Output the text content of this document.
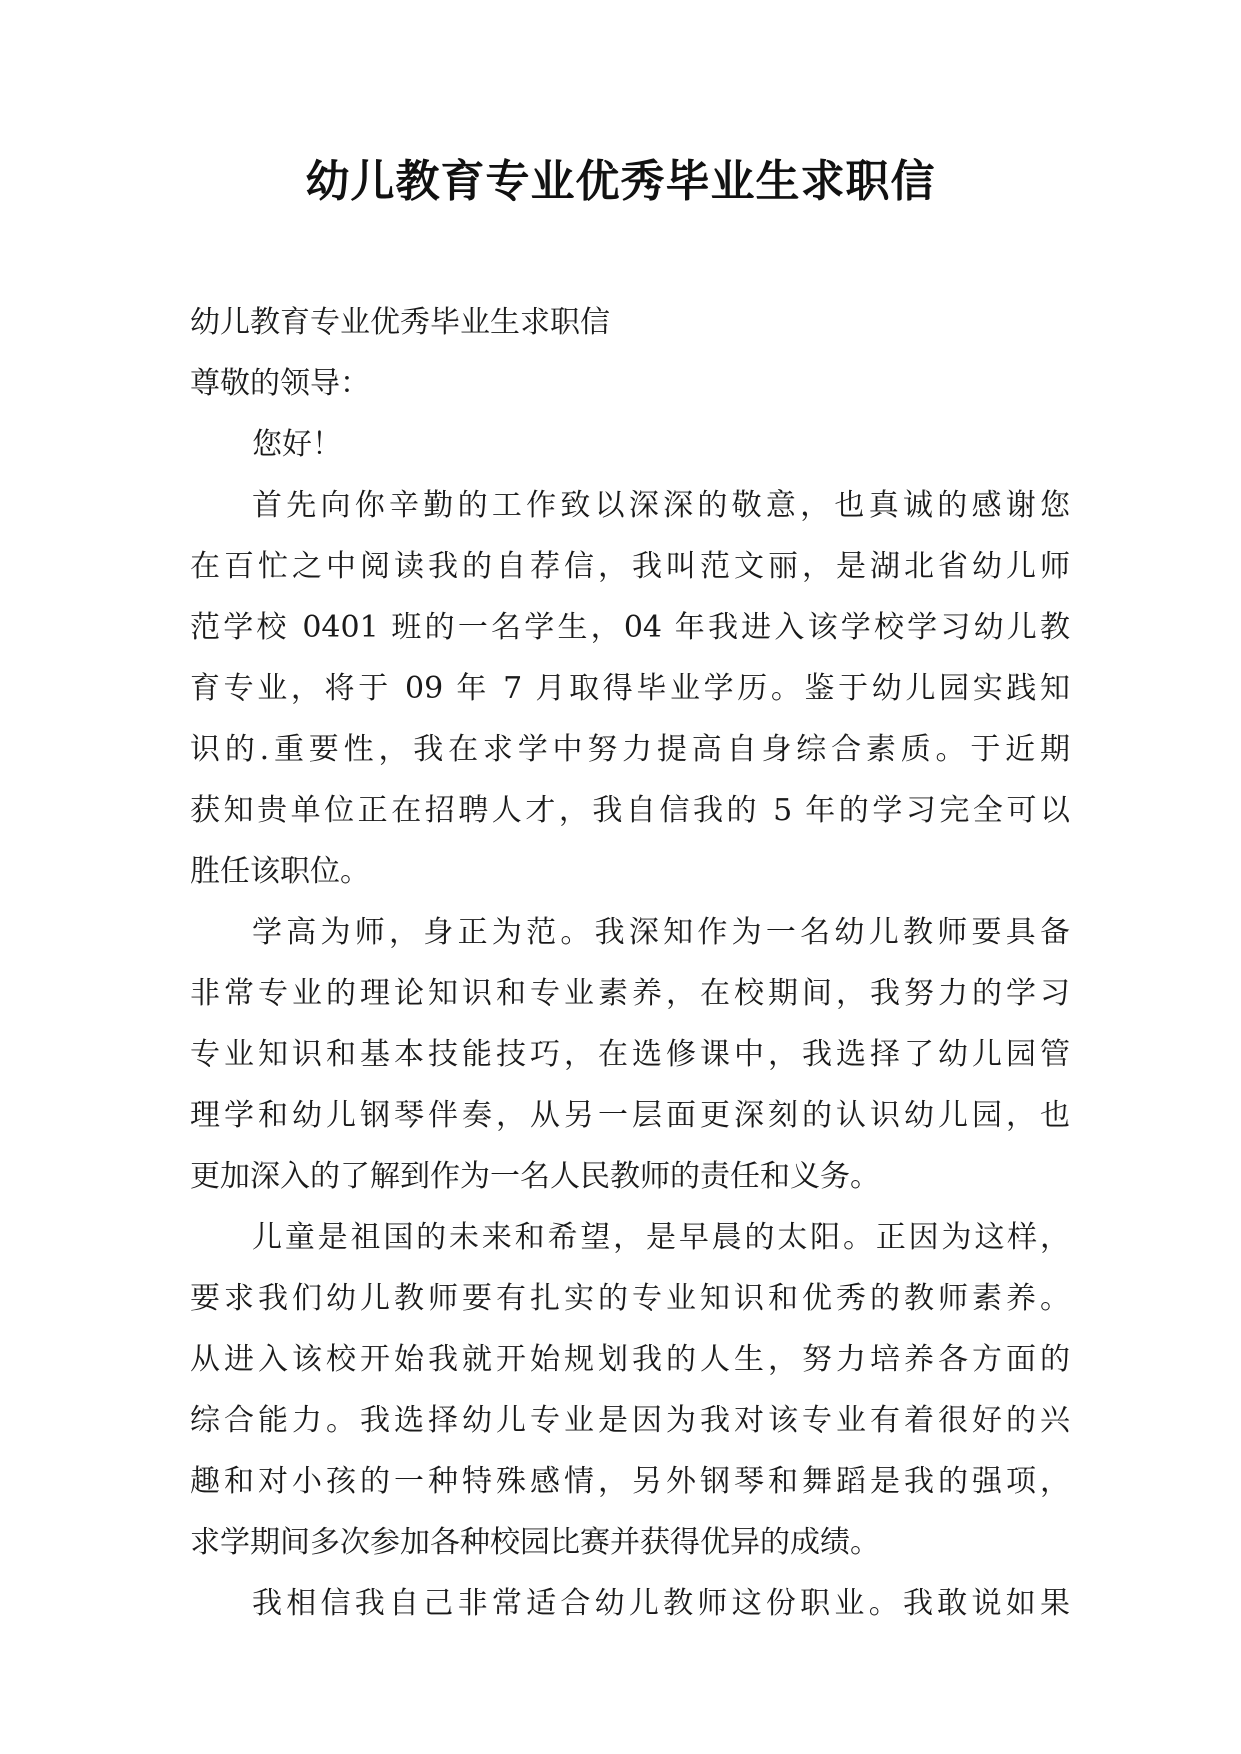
幼儿教育专业优秀毕业生求职信
幼儿教育专业优秀毕业生求职信
尊敬的领导：
您好！
首先向你辛勤的工作致以深深的敬意，也真诚的感谢您
在百忙之中阅读我的自荐信，我叫范文丽，是湖北省幼儿师
范学校 0401 班的一名学生，04 年我进入该学校学习幼儿教
育专业，将于 09 年 7 月取得毕业学历。鉴于幼儿园实践知
识的.重要性，我在求学中努力提高自身综合素质。于近期
获知贵单位正在招聘人才，我自信我的 5 年的学习完全可以
胜任该职位。
学高为师，身正为范。我深知作为一名幼儿教师要具备
非常专业的理论知识和专业素养，在校期间，我努力的学习
专业知识和基本技能技巧，在选修课中，我选择了幼儿园管
理学和幼儿钢琴伴奏，从另一层面更深刻的认识幼儿园，也
更加深入的了解到作为一名人民教师的责任和义务。
儿童是祖国的未来和希望，是早晨的太阳。正因为这样，
要求我们幼儿教师要有扎实的专业知识和优秀的教师素养。
从进入该校开始我就开始规划我的人生，努力培养各方面的
综合能力。我选择幼儿专业是因为我对该专业有着很好的兴
趣和对小孩的一种特殊感情，另外钢琴和舞蹈是我的强项，
求学期间多次参加各种校园比赛并获得优异的成绩。
我相信我自己非常适合幼儿教师这份职业。我敢说如果
